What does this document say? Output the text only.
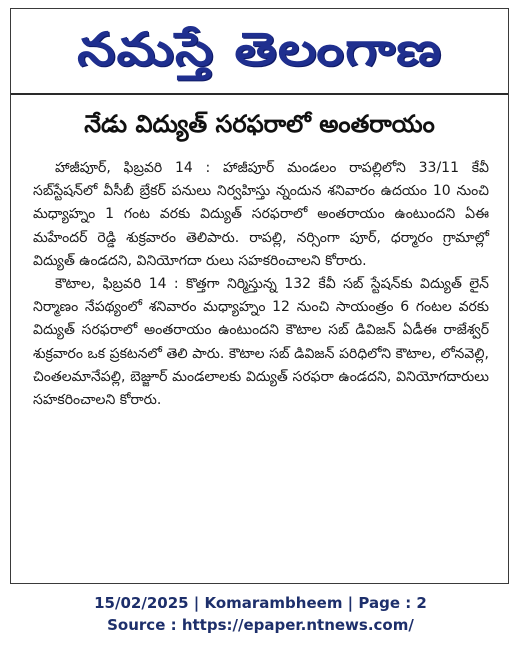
నమస్తే తెలంగాణ
నేడు విద్యుత్ సరఫరాలో అంతరాయం

హాజీపూర్, ఫిబ్రవరి 14 : హాజీపూర్ మండలం రాపల్లిలోని 33/11 కేవీ సబ్‌స్టేషన్‌లో వీసీబీ బ్రేకర్ పనులు నిర్వహిస్తు న్నందున శనివారం ఉదయం 10 నుంచి మధ్యాహ్నం 1 గంట వరకు విద్యుత్ సరఫరాలో అంతరాయం ఉంటుందని ఏఈ మహేందర్ రెడ్డి శుక్రవారం తెలిపారు. రాపల్లి, నర్సింగా పూర్, ధర్మారం గ్రామాల్లో విద్యుత్ ఉండదని, వినియోగదా రులు సహకరించాలని కోరారు.

కౌటాల, ఫిబ్రవరి 14 : కొత్తగా నిర్మిస్తున్న 132 కేవీ సబ్ స్టేషన్‌కు విద్యుత్ లైన్ నిర్మాణం నేపథ్యంలో శనివారం మధ్యాహ్నం 12 నుంచి సాయంత్రం 6 గంటల వరకు విద్యుత్ సరఫరాలో అంతరాయం ఉంటుందని కౌటాల సబ్ డివిజన్ ఏడీఈ రాజేశ్వర్ శుక్రవారం ఒక ప్రకటనలో తెలి పారు. కౌటాల సబ్ డివిజన్ పరిధిలోని కౌటాల, లోనవెల్లి, చింతలమానేపల్లి, బెజ్జూర్ మండలాలకు విద్యుత్ సరఫరా ఉండదని, వినియోగదారులు సహకరించాలని కోరారు.

15/02/2025 | Komarambheem | Page : 2
Source : https://epaper.ntnews.com/
